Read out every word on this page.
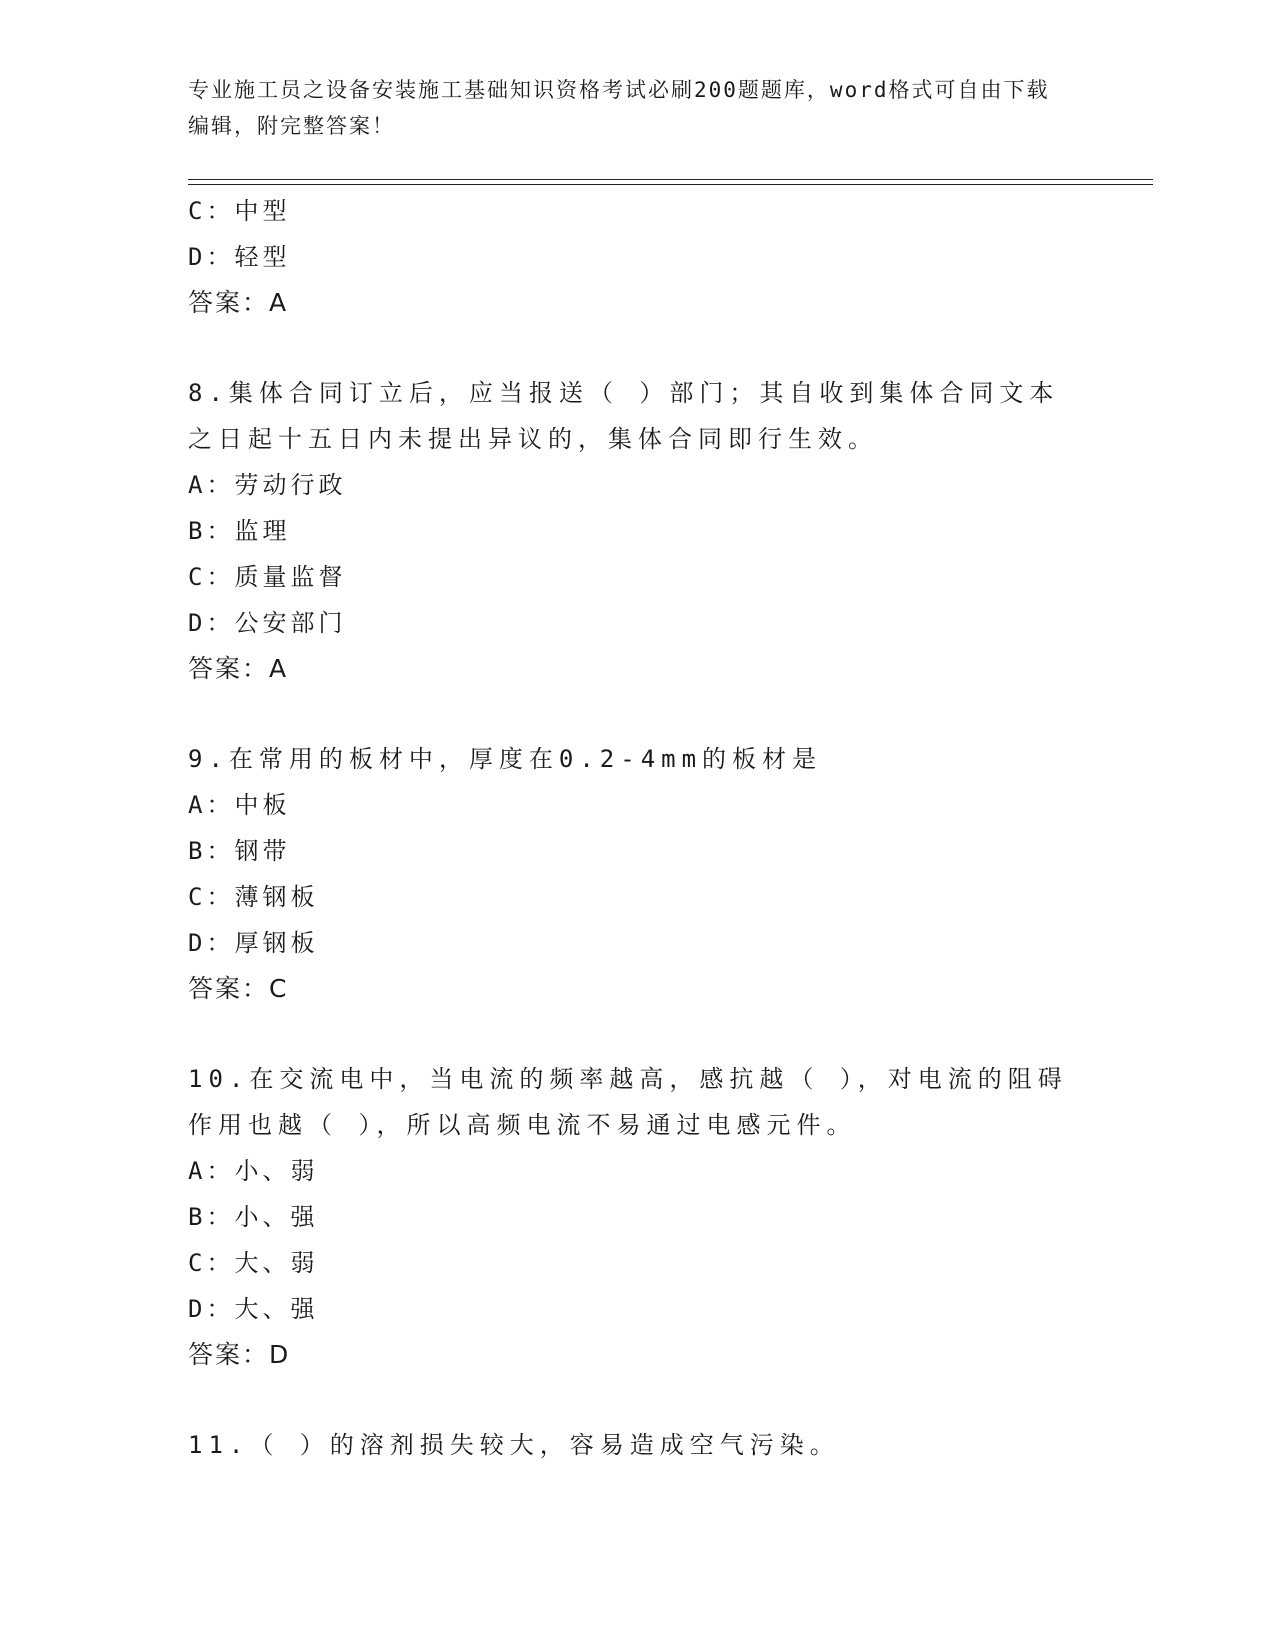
专业施工员之设备安装施工基础知识资格考试必刷200题题库，word格式可自由下载编辑，附完整答案！
C：中型
D：轻型
答案：A
8.集体合同订立后，应当报送（ ）部门；其自收到集体合同文本之日起十五日内未提出异议的，集体合同即行生效。
A：劳动行政
B：监理
C：质量监督
D：公安部门
答案：A
9.在常用的板材中，厚度在0.2-4mm的板材是
A：中板
B：钢带
C：薄钢板
D：厚钢板
答案：C
10.在交流电中，当电流的频率越高，感抗越（ ），对电流的阻碍作用也越（ ），所以高频电流不易通过电感元件。
A：小、弱
B：小、强
C：大、弱
D：大、强
答案：D
11.（ ）的溶剂损失较大，容易造成空气污染。
